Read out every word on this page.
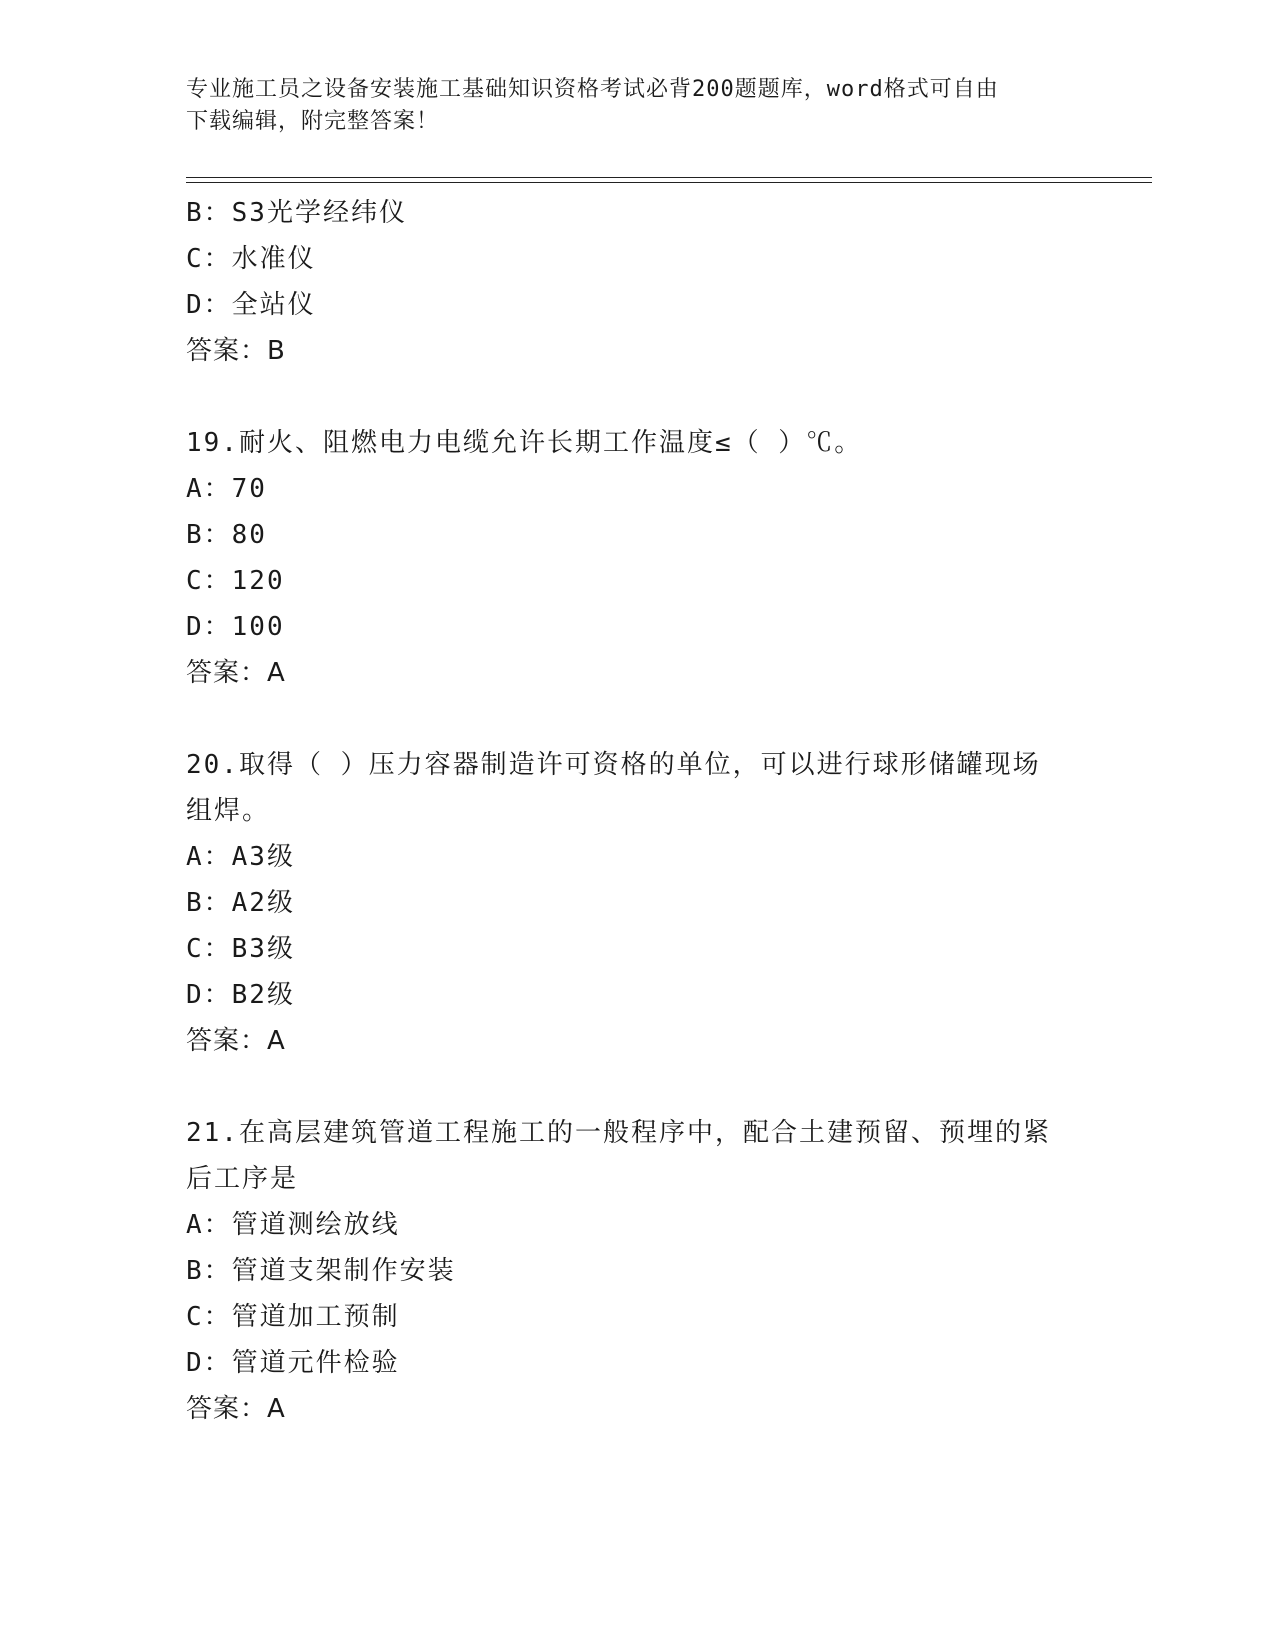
专业施工员之设备安装施工基础知识资格考试必背200题题库，word格式可自由
下载编辑，附完整答案！
B：S3光学经纬仪
C：水准仪
D：全站仪
答案：B
19.耐火、阻燃电力电缆允许长期工作温度≤（ ）℃。
A：70
B：80
C：120
D：100
答案：A
20.取得（ ）压力容器制造许可资格的单位，可以进行球形储罐现场
组焊。
A：A3级
B：A2级
C：B3级
D：B2级
答案：A
21.在高层建筑管道工程施工的一般程序中，配合土建预留、预埋的紧
后工序是
A：管道测绘放线
B：管道支架制作安装
C：管道加工预制
D：管道元件检验
答案：A
